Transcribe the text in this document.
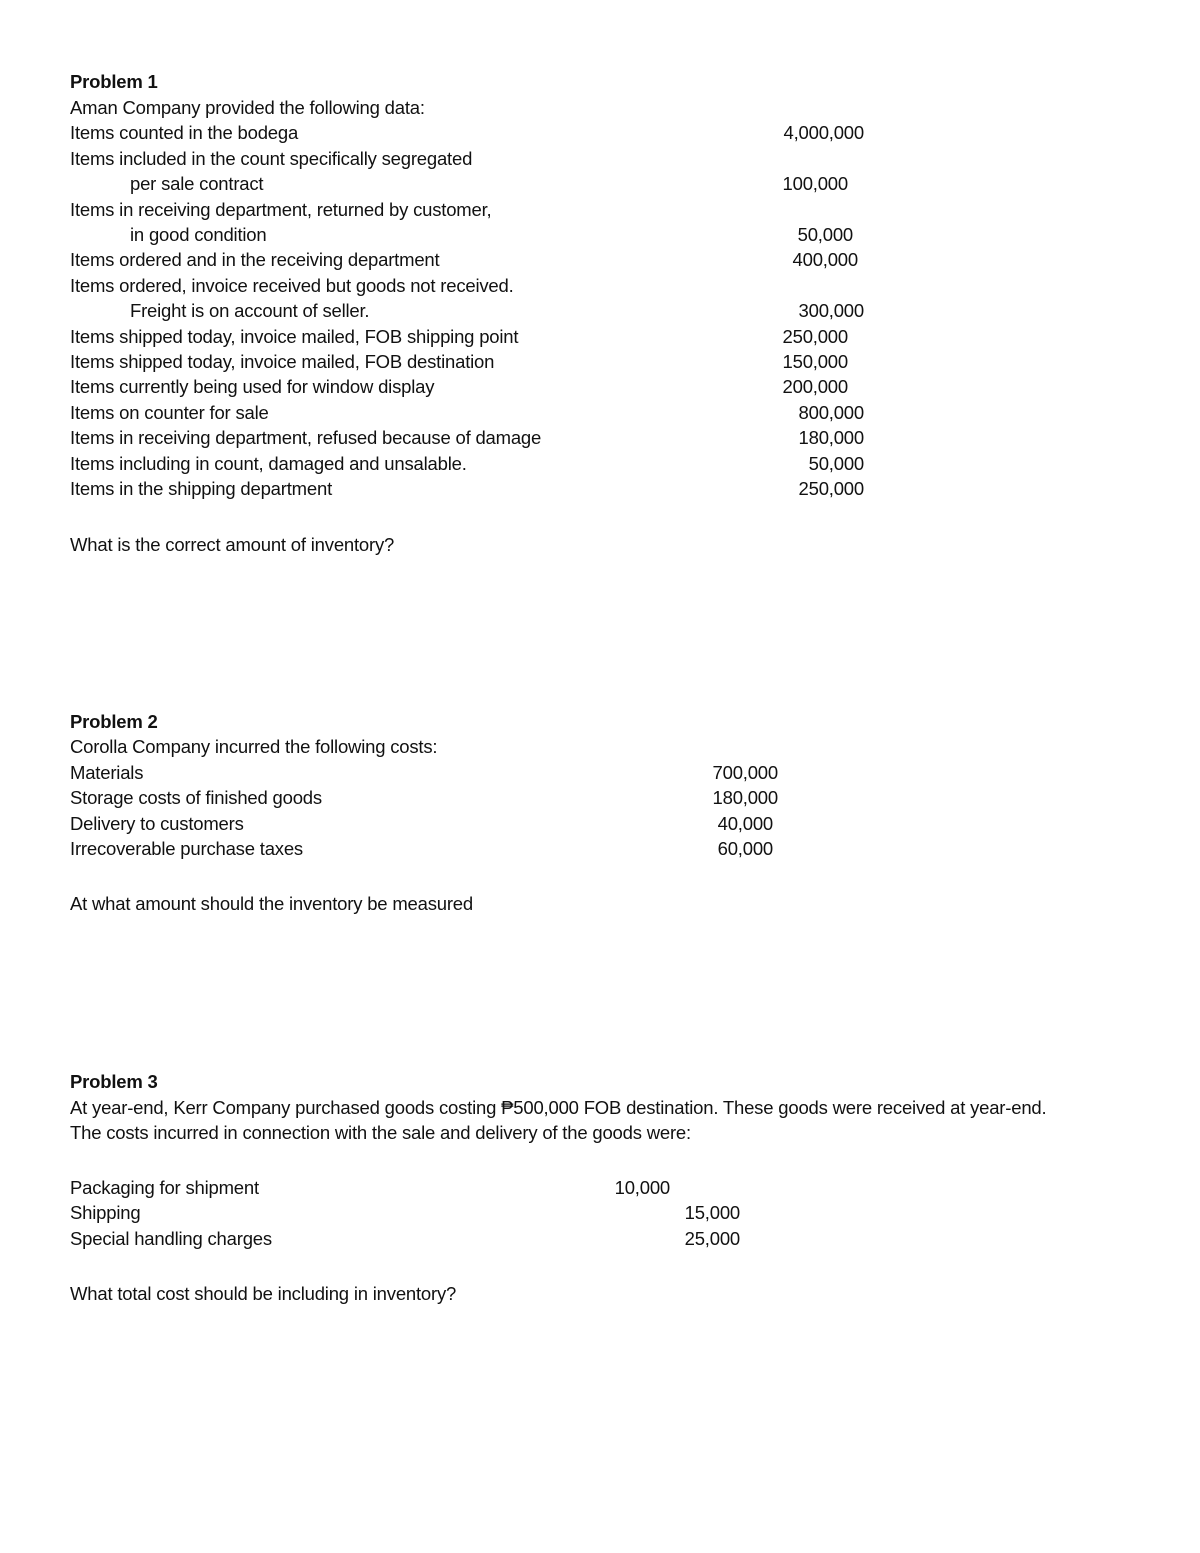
Problem 1
Aman Company provided the following data:
Items counted in the bodega
Items included in the count specifically segregated
per sale contract
Items in receiving department, returned by customer,
in good condition
Items ordered and in the receiving department
Items ordered, invoice received but goods not received.
Freight is on account of seller.
Items shipped today, invoice mailed, FOB shipping point
Items shipped today, invoice mailed, FOB destination
Items currently being used for window display
Items on counter for sale
Items in receiving department, refused because of damage
Items including in count, damaged and unsalable.
Items in the shipping department
4,000,000
100,000
50,000
400,000
300,000
250,000
150,000
200,000
800,000
180,000
50,000
250,000
What is the correct amount of inventory?
Problem 2
Corolla Company incurred the following costs:
Materials
Storage costs of finished goods
Delivery to customers
Irrecoverable purchase taxes
700,000
180,000
40,000
60,000
At what amount should the inventory be measured
Problem 3
At year-end, Kerr Company purchased goods costing ₱500,000 FOB destination. These goods were received at year-end.
The costs incurred in connection with the sale and delivery of the goods were:
Packaging for shipment
Shipping
Special handling charges
10,000
15,000
25,000
What total cost should be including in inventory?
